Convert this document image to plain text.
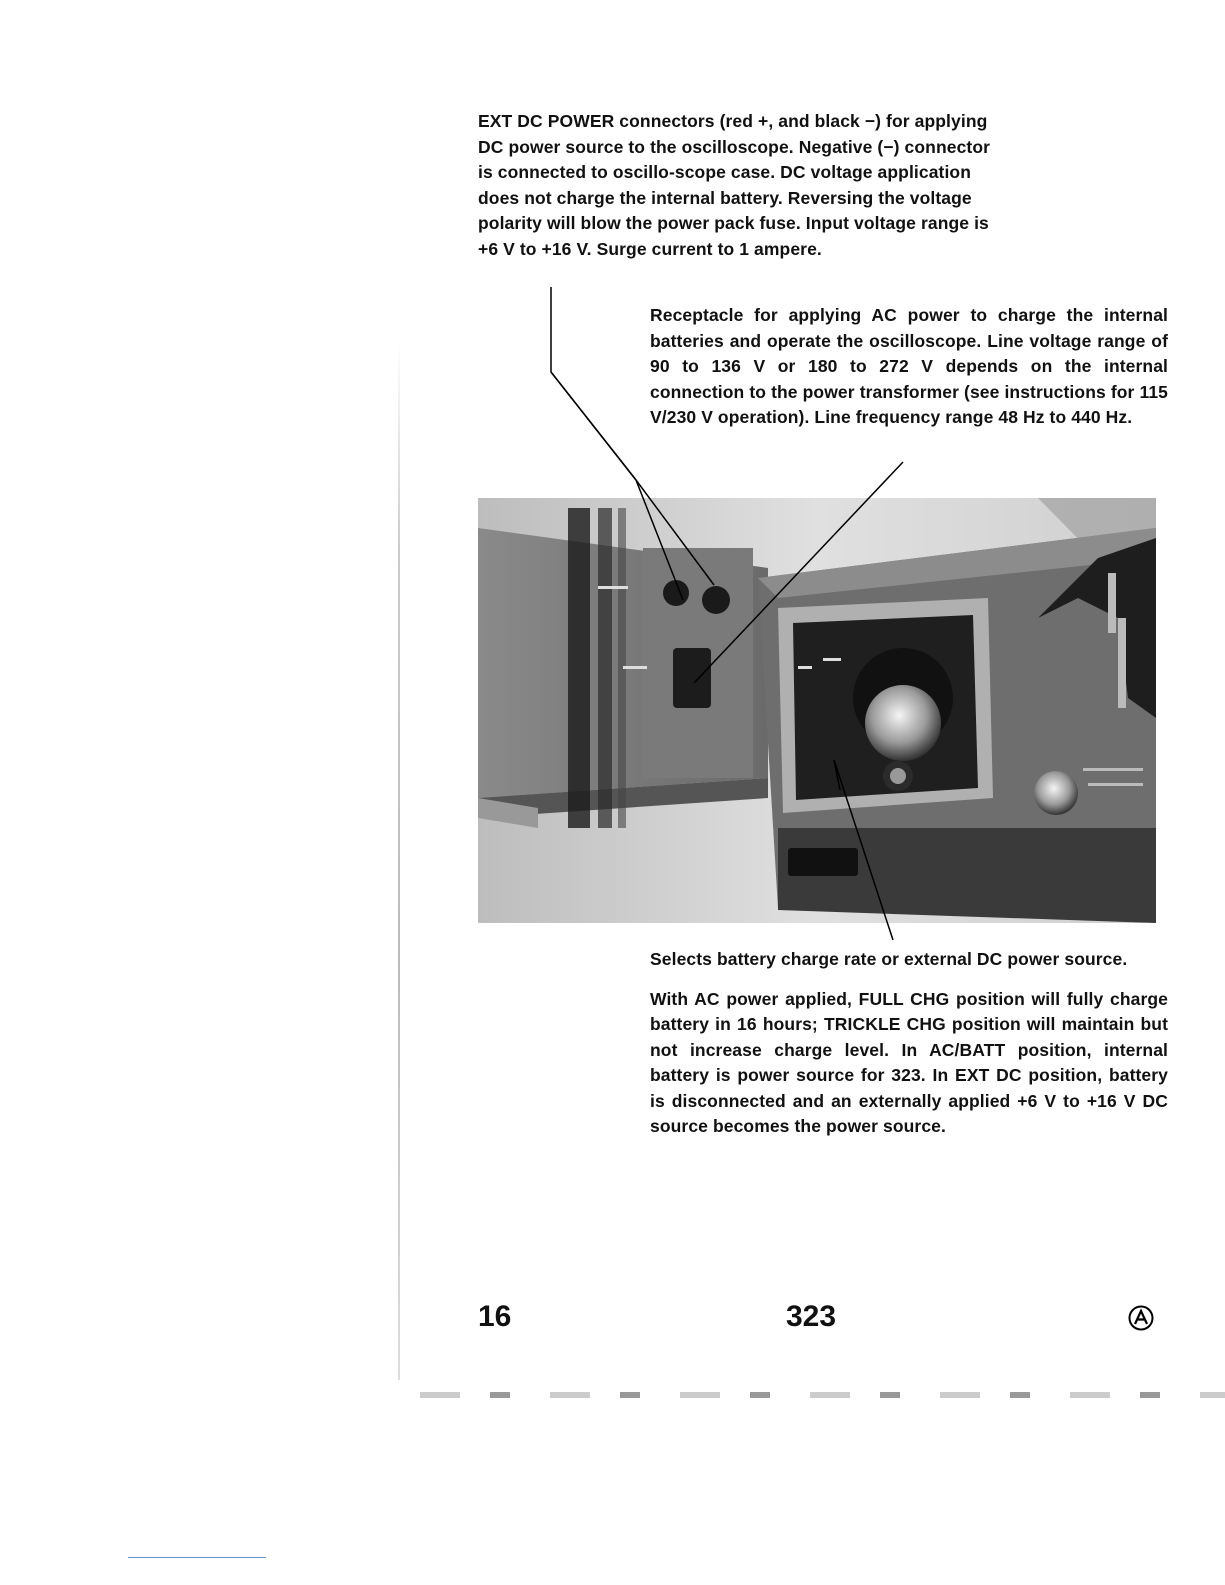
EXT DC POWER connectors (red +, and black −) for applying DC power source to the oscilloscope. Negative (−) connector is connected to oscillo-scope case. DC voltage application does not charge the internal battery. Reversing the voltage polarity will blow the power pack fuse. Input voltage range is +6 V to +16 V. Surge current to 1 ampere.
Receptacle for applying AC power to charge the internal batteries and operate the oscilloscope. Line voltage range of 90 to 136 V or 180 to 272 V depends on the internal connection to the power transformer (see instructions for 115 V/230 V operation). Line frequency range 48 Hz to 440 Hz.

Selects battery charge rate or external DC power source.

With AC power applied, FULL CHG position will fully charge battery in 16 hours; TRICKLE CHG position will maintain but not increase charge level. In AC/BATT position, internal battery is power source for 323. In EXT DC position, battery is disconnected and an externally applied +6 V to +16 V DC source becomes the power source.

16	323
